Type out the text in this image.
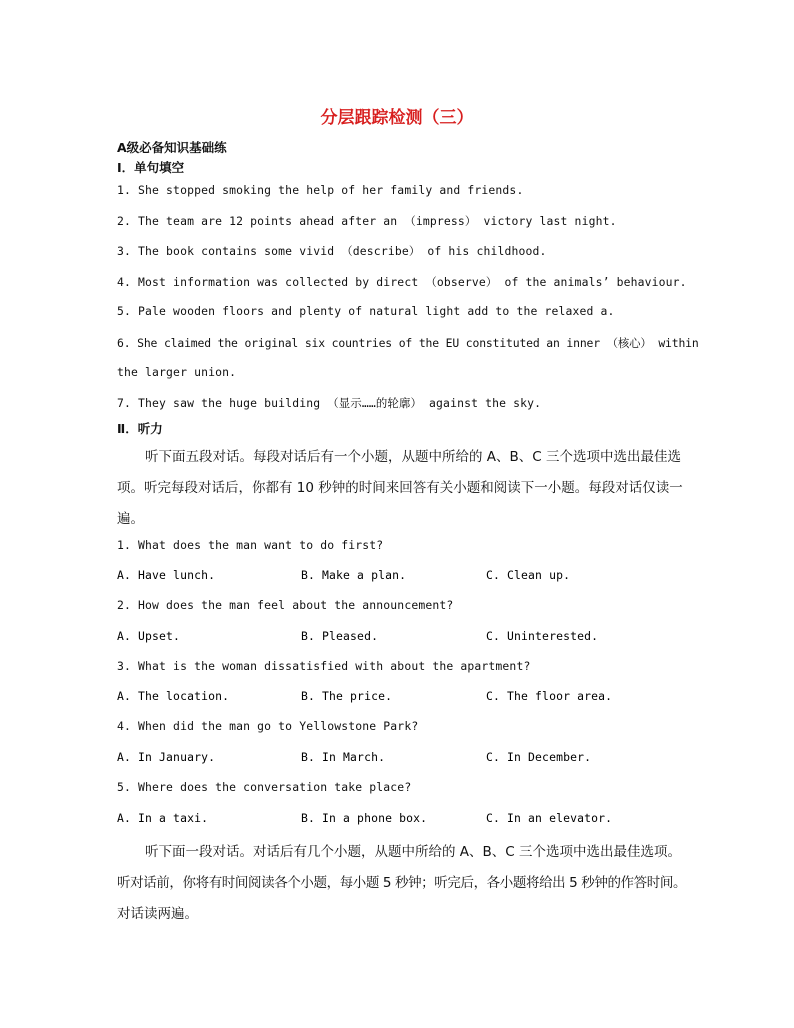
分层跟踪检测（三）
A级必备知识基础练
Ⅰ．单句填空
1. She stopped smoking the help of her family and friends.
2. The team are 12 points ahead after an （impress） victory last night.
3. The book contains some vivid （describe） of his childhood.
4. Most information was collected by direct （observe） of the animals’ behaviour.
5. Pale wooden floors and plenty of natural light add to the relaxed a.
6. She claimed the original six countries of the EU constituted an inner （核心） within
the larger union.
7. They saw the huge building （显示……的轮廓） against the sky.
Ⅱ．听力
听下面五段对话。每段对话后有一个小题，从题中所给的 A、B、C 三个选项中选出最佳选
项。听完每段对话后，你都有 10 秒钟的时间来回答有关小题和阅读下一小题。每段对话仅读一
遍。
1. What does the man want to do first?
A. Have lunch.	B. Make a plan.	C. Clean up.
2. How does the man feel about the announcement?
A. Upset.	B. Pleased.	C. Uninterested.
3. What is the woman dissatisfied with about the apartment?
A. The location.	B. The price.	C. The floor area.
4. When did the man go to Yellowstone Park?
A. In January.	B. In March.	C. In December.
5. Where does the conversation take place?
A. In a taxi.	B. In a phone box.	C. In an elevator.
听下面一段对话。对话后有几个小题，从题中所给的 A、B、C 三个选项中选出最佳选项。
听对话前，你将有时间阅读各个小题，每小题 5 秒钟；听完后，各小题将给出 5 秒钟的作答时间。
对话读两遍。
